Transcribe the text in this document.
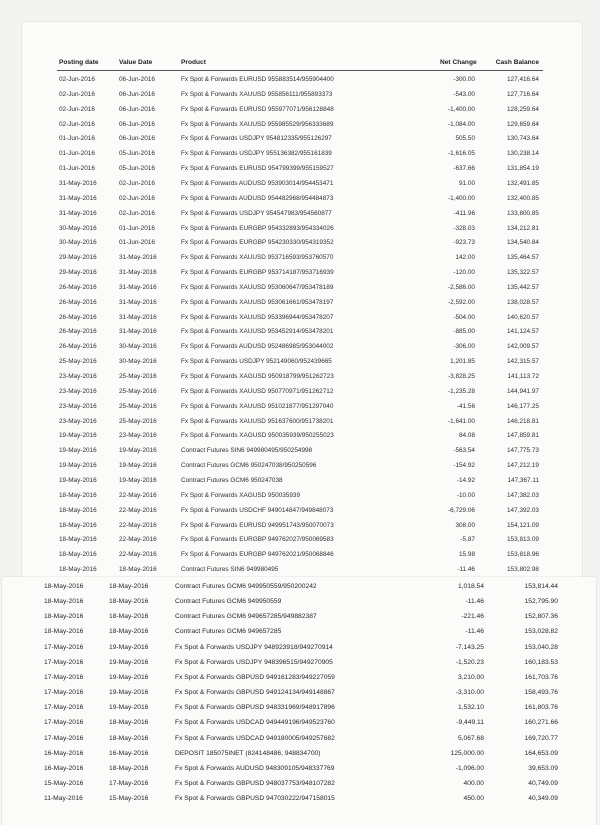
Posting date	Value Date	Product	Net Change	Cash Balance
02-Jun-2016	06-Jun-2016	Fx Spot & Forwards EURUSD 955883514/955904400	-300.00	127,416.64
02-Jun-2016	06-Jun-2016	Fx Spot & Forwards XAUUSD 955856111/955893373	-543.00	127,716.64
02-Jun-2016	06-Jun-2016	Fx Spot & Forwards EURUSD 955977071/956128848	-1,400.00	128,259.64
02-Jun-2016	06-Jun-2016	Fx Spot & Forwards XAUUSD 955985529/956333689	-1,084.00	129,659.64
01-Jun-2016	06-Jun-2016	Fx Spot & Forwards USDJPY 954812335/955126297	505.50	130,743.64
01-Jun-2016	05-Jun-2016	Fx Spot & Forwards USDJPY 955136382/955161839	-1,616.05	130,238.14
01-Jun-2016	05-Jun-2016	Fx Spot & Forwards EURUSD 954799399/955159527	-637.66	131,854.19
31-May-2016	02-Jun-2016	Fx Spot & Forwards AUDUSD 953903014/954453471	91.00	132,491.85
31-May-2016	02-Jun-2016	Fx Spot & Forwards AUDUSD 954482968/954484873	-1,400.00	132,400.85
31-May-2016	02-Jun-2016	Fx Spot & Forwards USDJPY 954547983/954560877	-411.96	133,800.85
30-May-2016	01-Jun-2016	Fx Spot & Forwards EURGBP 954332893/954334026	-328.03	134,212.81
30-May-2016	01-Jun-2016	Fx Spot & Forwards EURGBP 954230330/954319352	-923.73	134,540.84
29-May-2016	31-May-2016	Fx Spot & Forwards XAUUSD 953716593/953760570	142.00	135,464.57
29-May-2016	31-May-2016	Fx Spot & Forwards EURGBP 953714187/953716939	-120.00	135,322.57
26-May-2016	31-May-2016	Fx Spot & Forwards XAUUSD 953060647/953478189	-2,586.00	135,442.57
26-May-2016	31-May-2016	Fx Spot & Forwards XAUUSD 953061661/953478197	-2,592.00	138,028.57
26-May-2016	31-May-2016	Fx Spot & Forwards XAUUSD 953396944/953478207	-504.00	140,620.57
26-May-2016	31-May-2016	Fx Spot & Forwards XAUUSD 953452914/953478201	-885.00	141,124.57
26-May-2016	30-May-2016	Fx Spot & Forwards AUDUSD 952486985/953044002	-306.00	142,009.57
25-May-2016	30-May-2016	Fx Spot & Forwards USDJPY 952149060/952439665	1,201.85	142,315.57
23-May-2016	25-May-2016	Fx Spot & Forwards XAGUSD 950918799/951262723	-3,828.25	141,113.72
23-May-2016	25-May-2016	Fx Spot & Forwards XAUUSD 950770971/951262712	-1,235.28	144,941.97
23-May-2016	25-May-2016	Fx Spot & Forwards XAUUSD 951021877/951297040	-41.56	146,177.25
23-May-2016	25-May-2016	Fx Spot & Forwards XAUUSD 951637600/951738201	-1,641.00	146,218.81
19-May-2016	23-May-2016	Fx Spot & Forwards XAGUSD 950035939/950255023	84.08	147,859.81
19-May-2016	19-May-2016	Contract Futures SIN6 949980495/950254998	-563.54	147,775.73
19-May-2016	19-May-2016	Contract Futures GCM6 950247038/950250596	-154.92	147,212.19
19-May-2016	19-May-2016	Contract Futures GCM6 950247038	-14.92	147,367.11
18-May-2016	22-May-2016	Fx Spot & Forwards XAGUSD 950035939	-10.00	147,382.03
18-May-2016	22-May-2016	Fx Spot & Forwards USDCHF 949014847/949848073	-6,729.06	147,392.03
18-May-2016	22-May-2016	Fx Spot & Forwards EURUSD 949951743/950070073	308.00	154,121.09
18-May-2016	22-May-2016	Fx Spot & Forwards EURGBP 949762027/950069583	-5.87	153,813.09
18-May-2016	22-May-2016	Fx Spot & Forwards EURGBP 949762021/950068846	15.98	153,818.96
18-May-2016	18-May-2016	Contract Futures SIN6 949980495	-11.46	153,802.98
18-May-2016	18-May-2016	Contract Futures GCM6 949950559/950200242	1,018.54	153,814.44
18-May-2016	18-May-2016	Contract Futures GCM6 949950559	-11.46	152,795.90
18-May-2016	18-May-2016	Contract Futures GCM6 949657285/949882387	-221.46	152,807.36
18-May-2016	18-May-2016	Contract Futures GCM6 949657285	-11.46	153,028.82
17-May-2016	19-May-2016	Fx Spot & Forwards USDJPY 948923918/949270914	-7,143.25	153,040.28
17-May-2016	19-May-2016	Fx Spot & Forwards USDJPY 948396515/949270905	-1,520.23	160,183.53
17-May-2016	19-May-2016	Fx Spot & Forwards GBPUSD 949161283/949227059	3,210.00	161,703.76
17-May-2016	19-May-2016	Fx Spot & Forwards GBPUSD 949124134/949148867	-3,310.00	158,493.76
17-May-2016	19-May-2016	Fx Spot & Forwards GBPUSD 948331969/948917896	1,532.10	161,803.76
17-May-2016	18-May-2016	Fx Spot & Forwards USDCAD 949449196/949523760	-9,449.11	160,271.66
17-May-2016	18-May-2016	Fx Spot & Forwards USDCAD 949180005/949257682	5,067.68	169,720.77
16-May-2016	16-May-2016	DEPOSIT 185075INET (824148486, 948834700)	125,000.00	164,653.09
16-May-2016	18-May-2016	Fx Spot & Forwards AUDUSD 948309105/948337769	-1,096.00	39,653.09
15-May-2016	17-May-2016	Fx Spot & Forwards GBPUSD 948037753/948107282	400.00	40,749.09
11-May-2016	15-May-2016	Fx Spot & Forwards GBPUSD 947030222/947158015	450.00	40,349.09
